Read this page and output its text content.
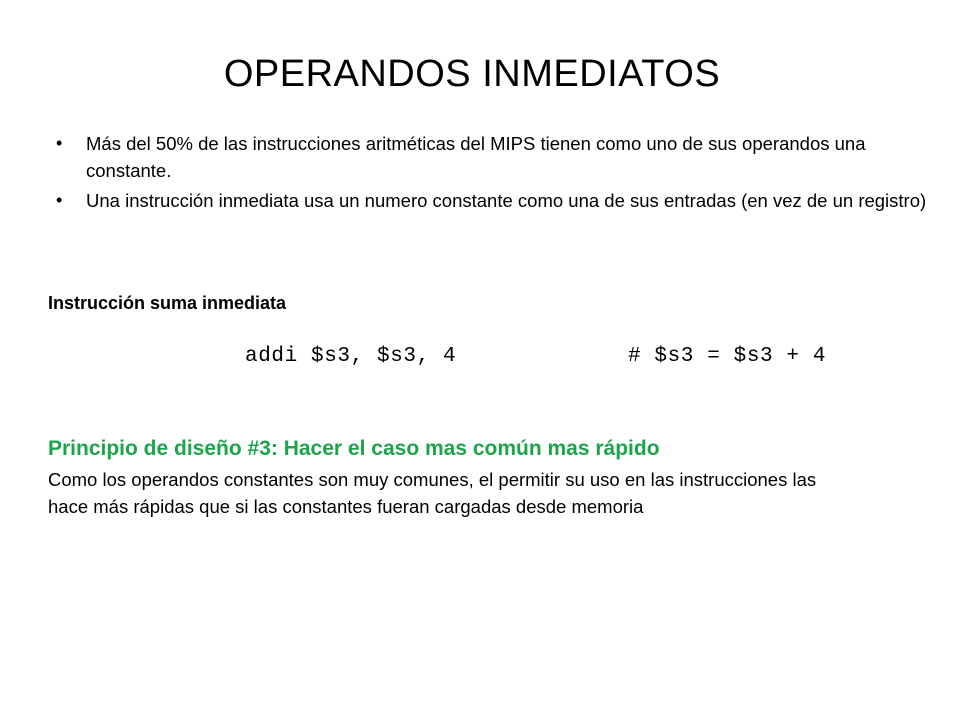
OPERANDOS INMEDIATOS
• Más del 50% de las instrucciones aritméticas del MIPS tienen como uno de sus operandos una constante.
• Una instrucción inmediata usa un numero constante como una de sus entradas (en vez de un registro)
Instrucción suma inmediata

addi $s3, $s3, 4

	# $s3 = $s3 + 4

Principio de diseño #3: Hacer el caso mas común mas rápido
Como los operandos constantes son muy comunes, el permitir su uso en las instrucciones las hace más rápidas que si las constantes fueran cargadas desde memoria
